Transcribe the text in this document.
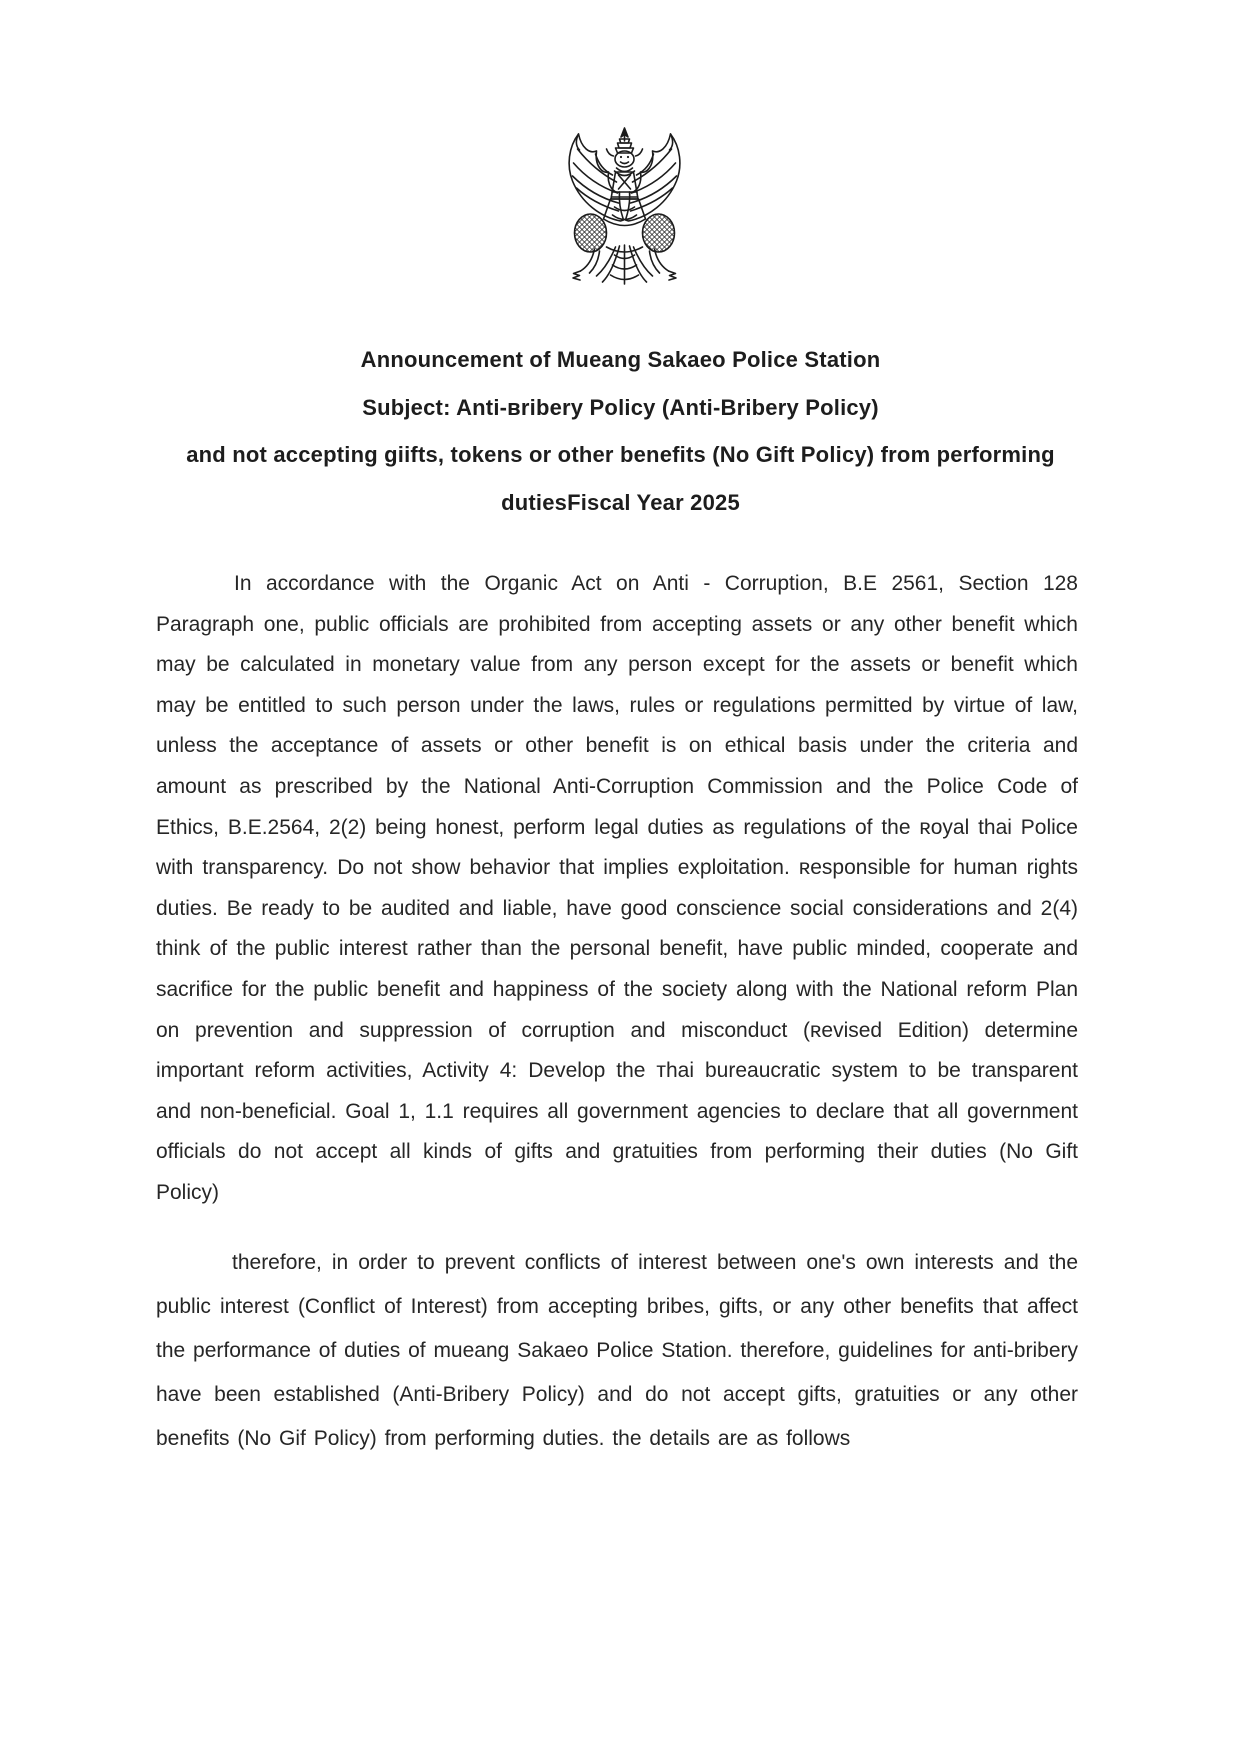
Announcement of Mueang Sakaeo Police Station
Subject: Anti-ʙribery Policy (Anti-Bribery Policy)
and not accepting giifts, tokens or other benefits (No Gift Policy) from performing
dutiesFiscal Year 2025

In accordance with the Organic Act on Anti - Corruption, B.E 2561, Section 128 Paragraph one, public officials are prohibited from accepting assets or any other benefit which may be calculated in monetary value from any person except for the assets or benefit which may be entitled to such person under the laws, rules or regulations permitted by virtue of law, unless the acceptance of assets or other benefit is on ethical basis under the criteria and amount as prescribed by the National Anti-Corruption Commission and the Police Code of Ethics, B.E.2564, 2(2) being honest, perform legal duties as regulations of the ʀoyal thai Police with transparency. Do not show behavior that implies exploitation. ʀesponsible for human rights duties. Be ready to be audited and liable, have good conscience social considerations and 2(4) think of the public interest rather than the personal benefit, have public minded, cooperate and sacrifice for the public benefit and happiness of the society along with the National reform Plan on prevention and suppression of corruption and misconduct (ʀevised Edition) determine important reform activities, Activity 4: Develop the ᴛhai bureaucratic system to be transparent and non-beneficial. Goal 1, 1.1 requires all government agencies to declare that all government officials do not accept all kinds of gifts and gratuities from performing their duties (No Gift Policy)

therefore, in order to prevent conflicts of interest between one's own interests and the public interest (Conflict of Interest) from accepting bribes, gifts, or any other benefits that affect the performance of duties of mueang Sakaeo Police Station. therefore, guidelines for anti-bribery have been established (Anti-Bribery Policy) and do not accept gifts, gratuities or any other benefits (No Gif Policy) from performing duties. the details are as follows
